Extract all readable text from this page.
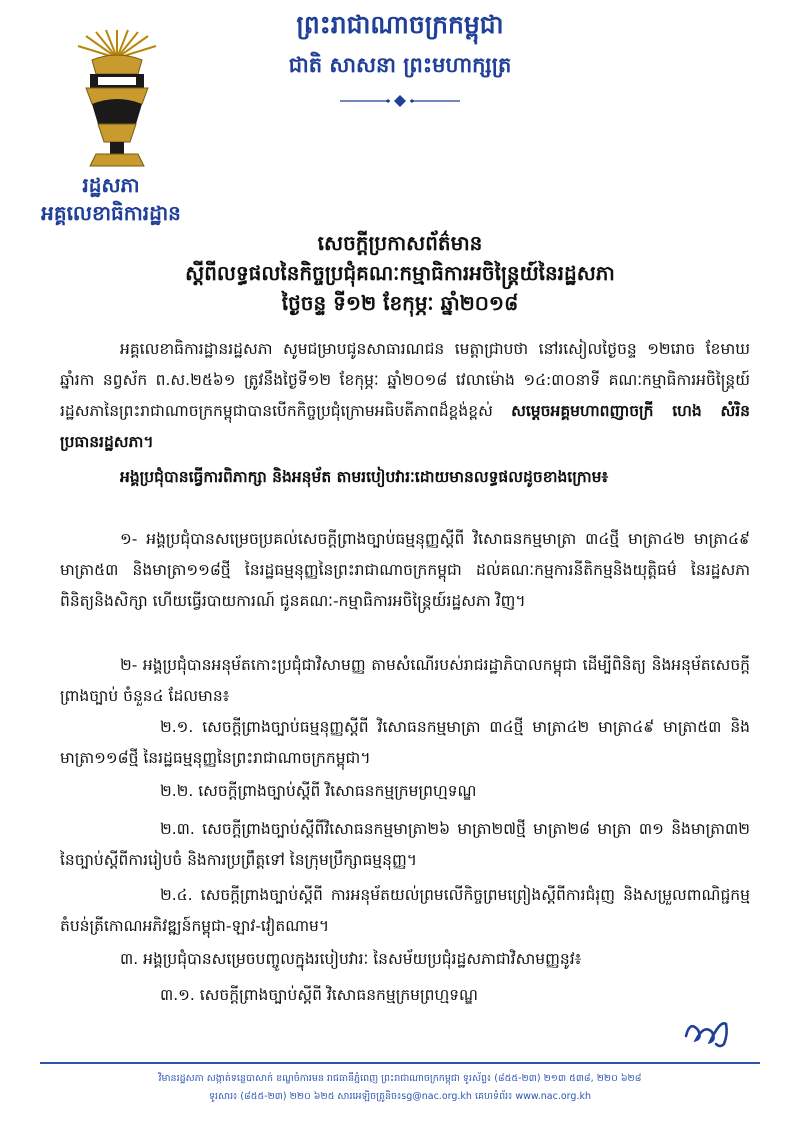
ព្រះរាជាណាចក្រកម្ពុជា
ជាតិ សាសនា ព្រះមហាក្សត្រ
រដ្ឋសភា
អគ្គលេខាធិការដ្ឋាន
សេចក្ដីប្រកាសព័ត៌មាន
ស្ដីពីលទ្ធផលនៃកិច្ចប្រជុំគណៈកម្មាធិការអចិន្ត្រៃយ៍នៃរដ្ឋសភា
ថ្ងៃចន្ទ ទី១២ ខែកុម្ភៈ ឆ្នាំ២០១៨
អគ្គលេខាធិការដ្ឋានរដ្ឋសភា សូមជម្រាបជូនសាធារណជន មេត្តាជ្រាបថា នៅរសៀលថ្ងៃចន្ទ ១២រោច ខែមាឃ ឆ្នាំរកា នព្វស័ក ព.ស.២៥៦១ ត្រូវនឹងថ្ងៃទី១២ ខែកុម្ភៈ ឆ្នាំ២០១៨ វេលាម៉ោង ១៤:៣០នាទី គណៈកម្មាធិការអចិន្ត្រៃយ៍រដ្ឋសភានៃព្រះរាជាណាចក្រកម្ពុជាបានបើកកិច្ចប្រជុំក្រោមអធិបតីភាពដ៏ខ្ពង់ខ្ពស់ សម្ដេចអគ្គមហាពញាចក្រី ហេង សំរិន ប្រធានរដ្ឋសភា។
អង្គប្រជុំបានធ្វើការពិភាក្សា និងអនុម័ត តាមរបៀបវារៈដោយមានលទ្ធផលដូចខាងក្រោម៖
១- អង្គប្រជុំបានសម្រេចប្រគល់សេចក្ដីព្រាងច្បាប់ធម្មនុញ្ញស្ដីពី វិសោធនកម្មមាត្រា ៣៤ថ្មី មាត្រា៤២ មាត្រា៤៩ មាត្រា៥៣ និងមាត្រា១១៨ថ្មី នៃរដ្ឋធម្មនុញ្ញនៃព្រះរាជាណាចក្រកម្ពុជា ដល់គណៈកម្មការនីតិកម្មនិងយុត្តិធម៌ នៃរដ្ឋសភា ពិនិត្យនិងសិក្សា ហើយធ្វើរបាយការណ៍ ជូនគណៈ-កម្មាធិការអចិន្ត្រៃយ៍រដ្ឋសភា វិញ។
២- អង្គប្រជុំបានអនុម័តកោះប្រជុំជាវិសាមញ្ញ តាមសំណើរបស់រាជរដ្ឋាភិបាលកម្ពុជា ដើម្បីពិនិត្យ និងអនុម័តសេចក្ដីព្រាងច្បាប់ ចំនួន៤ ដែលមាន៖
២.១. សេចក្ដីព្រាងច្បាប់ធម្មនុញ្ញស្ដីពី វិសោធនកម្មមាត្រា ៣៤ថ្មី មាត្រា៤២ មាត្រា៤៩ មាត្រា៥៣ និងមាត្រា១១៨ថ្មី នៃរដ្ឋធម្មនុញ្ញនៃព្រះរាជាណាចក្រកម្ពុជា។
២.២. សេចក្ដីព្រាងច្បាប់ស្ដីពី វិសោធនកម្មក្រមព្រហ្មទណ្ឌ
២.៣. សេចក្ដីព្រាងច្បាប់ស្ដីពីវិសោធនកម្មមាត្រា២៦ មាត្រា២៧ថ្មី មាត្រា២៨ មាត្រា ៣១ និងមាត្រា៣២ នៃច្បាប់ស្ដីពីការរៀបចំ និងការប្រព្រឹត្តទៅ នៃក្រុមប្រឹក្សាធម្មនុញ្ញ។
២.៤. សេចក្ដីព្រាងច្បាប់ស្ដីពី ការអនុម័តយល់ព្រមលើកិច្ចព្រមព្រៀងស្ដីពីការជំរុញ និងសម្រួលពាណិជ្ជកម្មតំបន់ត្រីកោណអភិវឌ្ឍន៍កម្ពុជា-ឡាវ-វៀតណាម។
៣. អង្គប្រជុំបានសម្រេចបញ្ចូលក្នុងរបៀបវារៈ នៃសម័យប្រជុំរដ្ឋសភាជាវិសាមញ្ញនូវ៖
៣.១. សេចក្ដីព្រាងច្បាប់ស្ដីពី វិសោធនកម្មក្រមព្រហ្មទណ្ឌ
វិមានរដ្ឋសភា សង្កាត់ទន្លេបាសាក់ ខណ្ឌចំការមន រាជធានីភ្នំពេញ ព្រះរាជាណាចក្រកម្ពុជា ទូរស័ព្ទ៖ (៨៥៥-២៣) ២១៣ ៥៣៨, ២២០ ៦២៨
ទូរសារ៖ (៨៥៥-២៣) ២២០ ៦២៥ សារអេឡិចត្រូនិច៖sg@nac.org.kh គេហទំព័រ៖ www.nac.org.kh
